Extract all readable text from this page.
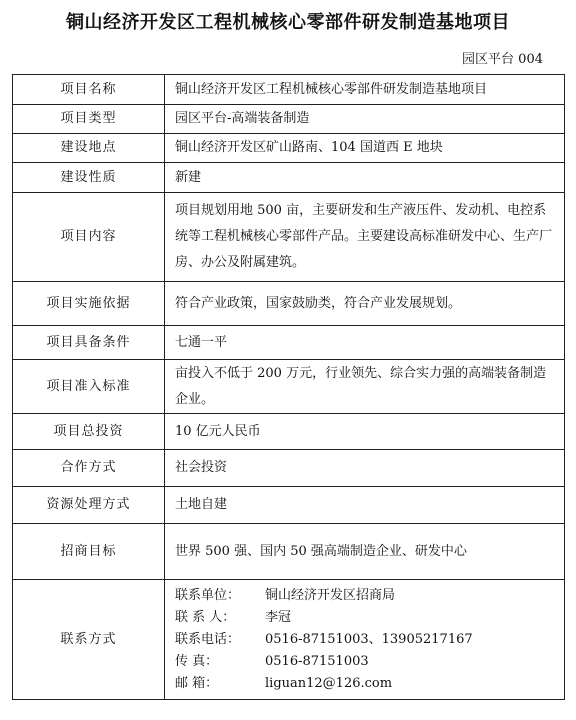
铜山经济开发区工程机械核心零部件研发制造基地项目
园区平台 004
项目名称	铜山经济开发区工程机械核心零部件研发制造基地项目
项目类型	园区平台-高端装备制造
建设地点	铜山经济开发区矿山路南、104 国道西 E 地块
建设性质	新建
项目内容	项目规划用地 500 亩，主要研发和生产液压件、发动机、电控系统等工程机械核心零部件产品。主要建设高标准研发中心、生产厂房、办公及附属建筑。
项目实施依据	符合产业政策，国家鼓励类，符合产业发展规划。
项目具备条件	七通一平
项目准入标准	亩投入不低于 200 万元，行业领先、综合实力强的高端装备制造企业。
项目总投资	10 亿元人民币
合作方式	社会投资
资源处理方式	土地自建
招商目标	世界 500 强、国内 50 强高端制造企业、研发中心
联系方式	联系单位： 铜山经济开发区招商局
联 系 人： 李冠
联系电话： 0516-87151003、13905217167
传 真： 0516-87151003
邮 箱： liguan12@126.com
